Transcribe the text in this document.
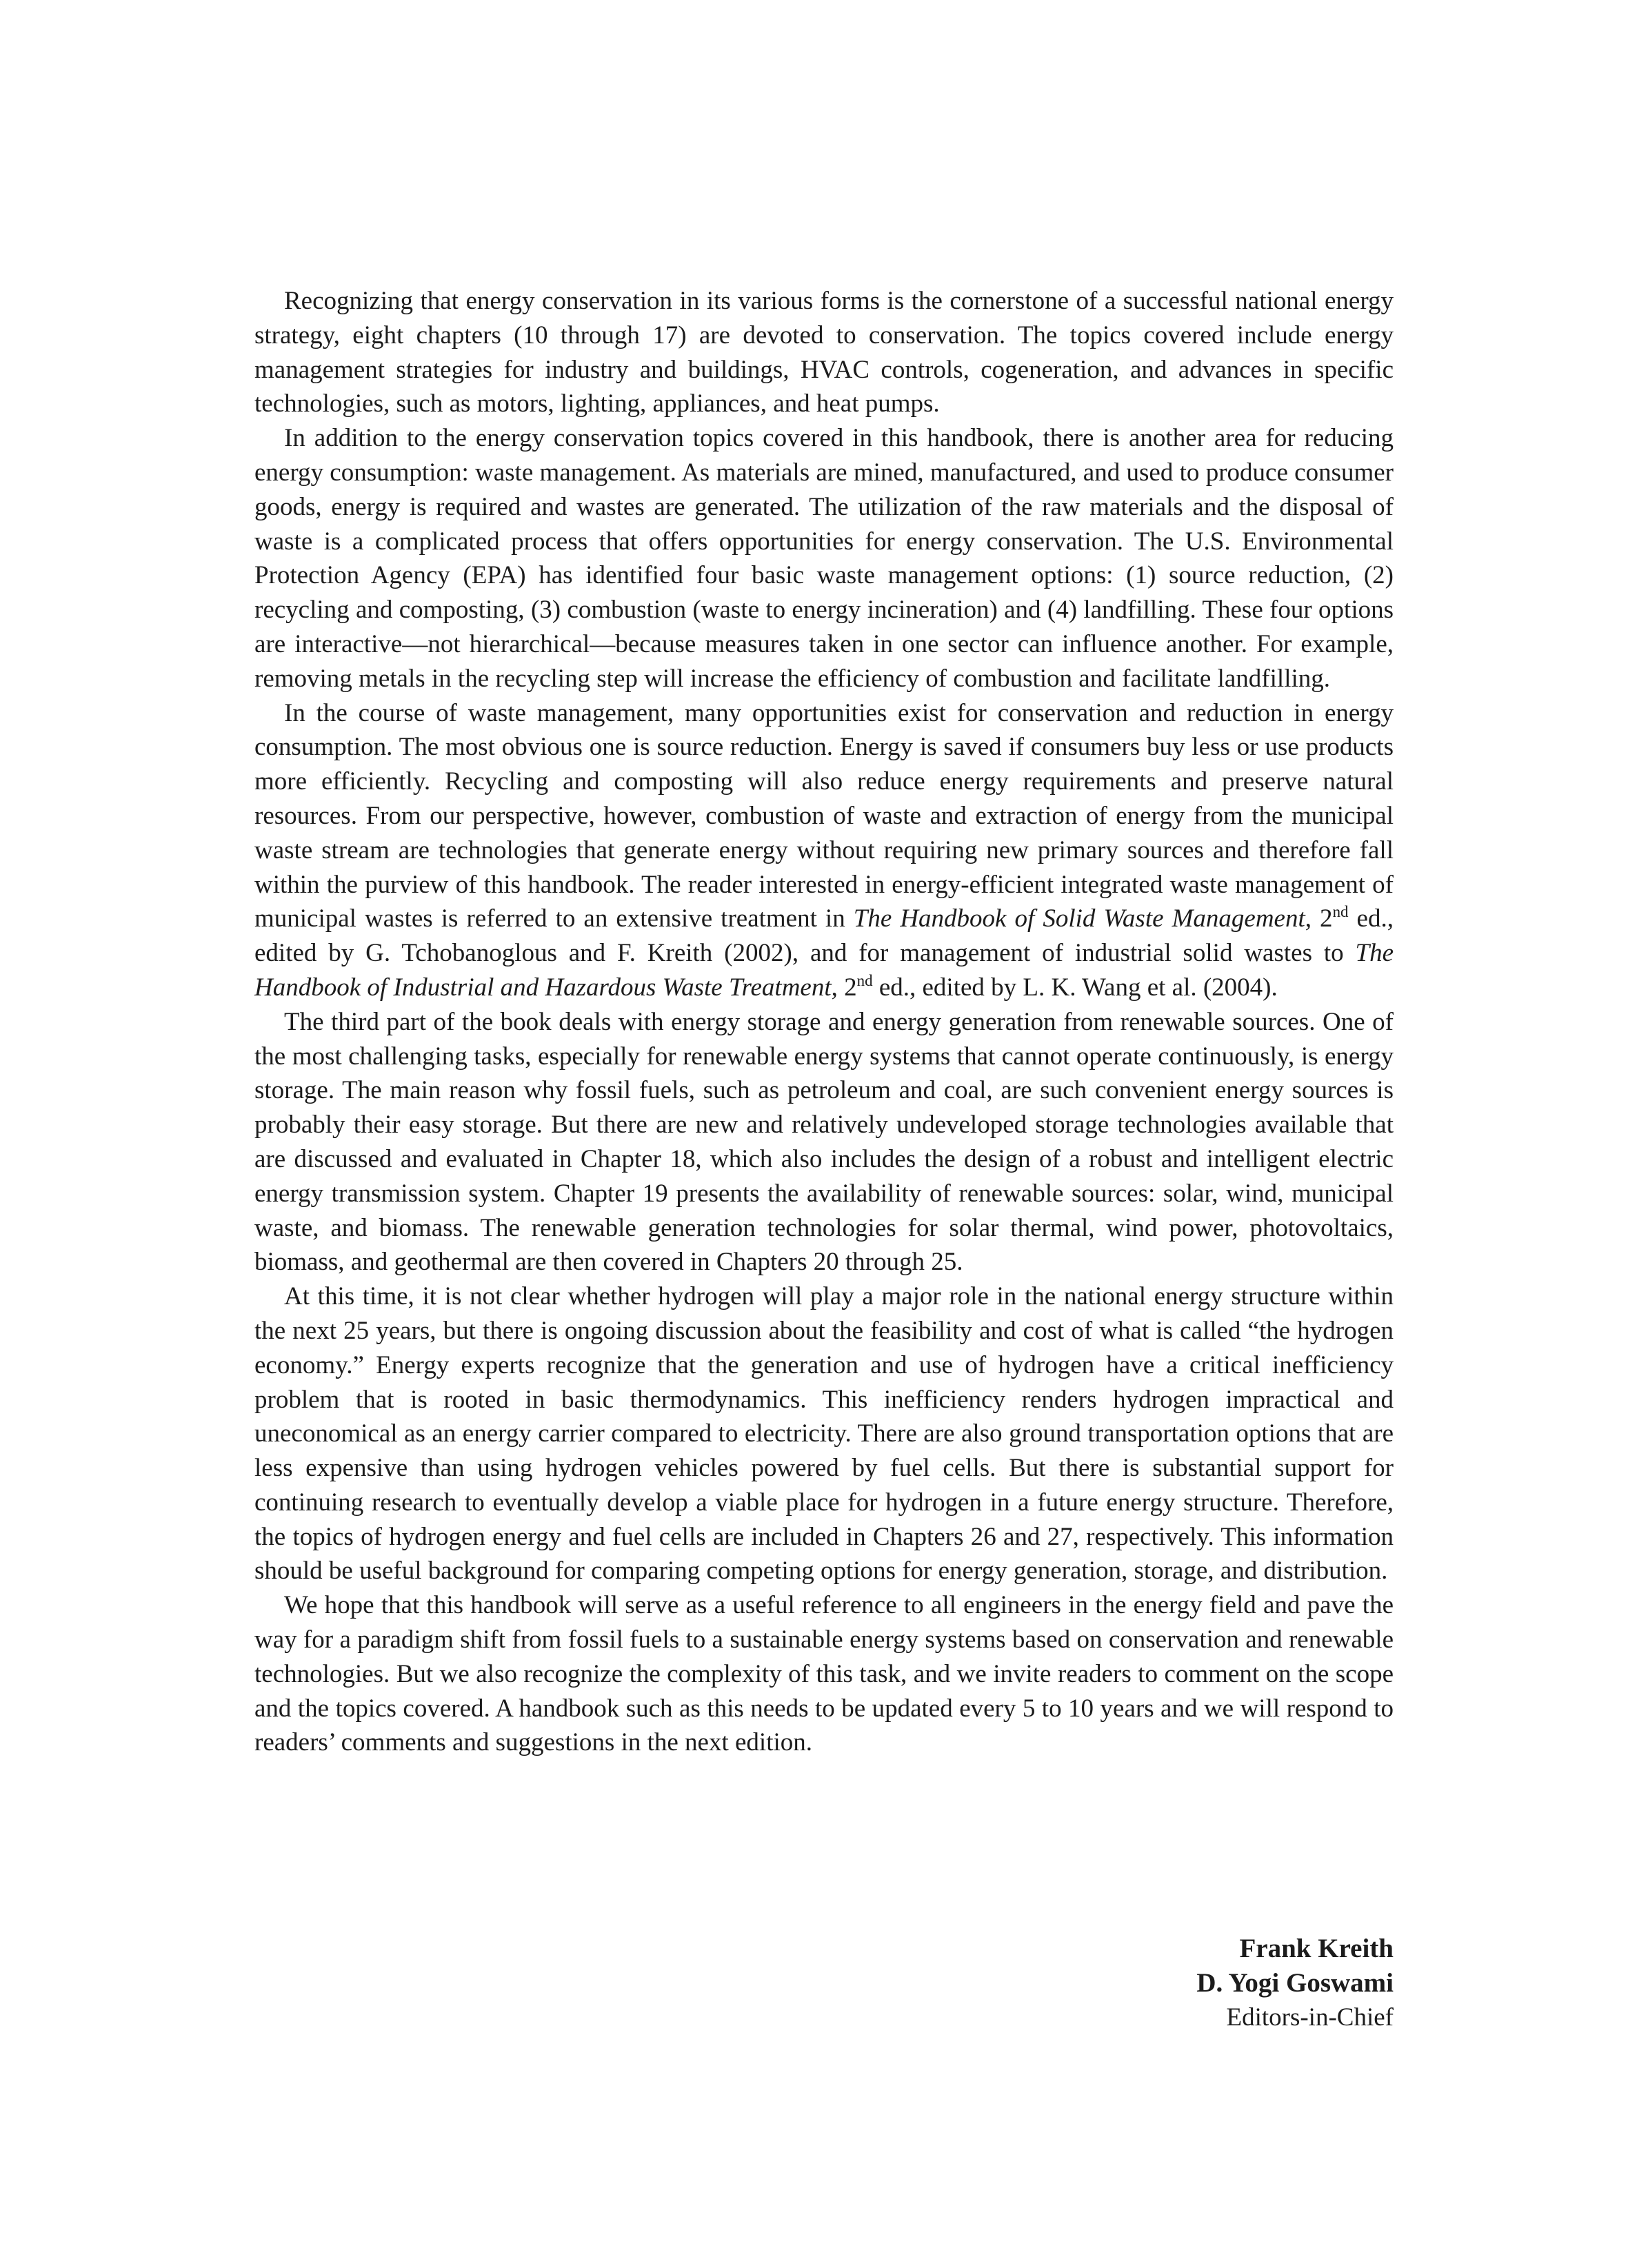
Recognizing that energy conservation in its various forms is the cornerstone of a successful national energy strategy, eight chapters (10 through 17) are devoted to conservation. The topics covered include energy management strategies for industry and buildings, HVAC controls, cogeneration, and advances in specific technologies, such as motors, lighting, appliances, and heat pumps.

In addition to the energy conservation topics covered in this handbook, there is another area for reducing energy consumption: waste management. As materials are mined, manufactured, and used to produce consumer goods, energy is required and wastes are generated. The utilization of the raw materials and the disposal of waste is a complicated process that offers opportunities for energy conservation. The U.S. Environmental Protection Agency (EPA) has identified four basic waste management options: (1) source reduction, (2) recycling and composting, (3) combustion (waste to energy incineration) and (4) landfilling. These four options are interactive—not hierarchical—because measures taken in one sector can influence another. For example, removing metals in the recycling step will increase the efficiency of combustion and facilitate landfilling.

In the course of waste management, many opportunities exist for conservation and reduction in energy consumption. The most obvious one is source reduction. Energy is saved if consumers buy less or use products more efficiently. Recycling and composting will also reduce energy requirements and preserve natural resources. From our perspective, however, combustion of waste and extraction of energy from the municipal waste stream are technologies that generate energy without requiring new primary sources and therefore fall within the purview of this handbook. The reader interested in energy-efficient integrated waste management of municipal wastes is referred to an extensive treatment in The Handbook of Solid Waste Management, 2nd ed., edited by G. Tchobanoglous and F. Kreith (2002), and for management of industrial solid wastes to The Handbook of Industrial and Hazardous Waste Treatment, 2nd ed., edited by L. K. Wang et al. (2004).

The third part of the book deals with energy storage and energy generation from renewable sources. One of the most challenging tasks, especially for renewable energy systems that cannot operate continuously, is energy storage. The main reason why fossil fuels, such as petroleum and coal, are such convenient energy sources is probably their easy storage. But there are new and relatively undeveloped storage technologies available that are discussed and evaluated in Chapter 18, which also includes the design of a robust and intelligent electric energy transmission system. Chapter 19 presents the availability of renewable sources: solar, wind, municipal waste, and biomass. The renewable generation technologies for solar thermal, wind power, photovoltaics, biomass, and geothermal are then covered in Chapters 20 through 25.

At this time, it is not clear whether hydrogen will play a major role in the national energy structure within the next 25 years, but there is ongoing discussion about the feasibility and cost of what is called “the hydrogen economy.” Energy experts recognize that the generation and use of hydrogen have a critical inefficiency problem that is rooted in basic thermodynamics. This inefficiency renders hydrogen impractical and uneconomical as an energy carrier compared to electricity. There are also ground transportation options that are less expensive than using hydrogen vehicles powered by fuel cells. But there is substantial support for continuing research to eventually develop a viable place for hydrogen in a future energy structure. Therefore, the topics of hydrogen energy and fuel cells are included in Chapters 26 and 27, respectively. This information should be useful background for comparing competing options for energy generation, storage, and distribution.

We hope that this handbook will serve as a useful reference to all engineers in the energy field and pave the way for a paradigm shift from fossil fuels to a sustainable energy systems based on conservation and renewable technologies. But we also recognize the complexity of this task, and we invite readers to comment on the scope and the topics covered. A handbook such as this needs to be updated every 5 to 10 years and we will respond to readers’ comments and suggestions in the next edition.

Frank Kreith
D. Yogi Goswami
Editors-in-Chief
